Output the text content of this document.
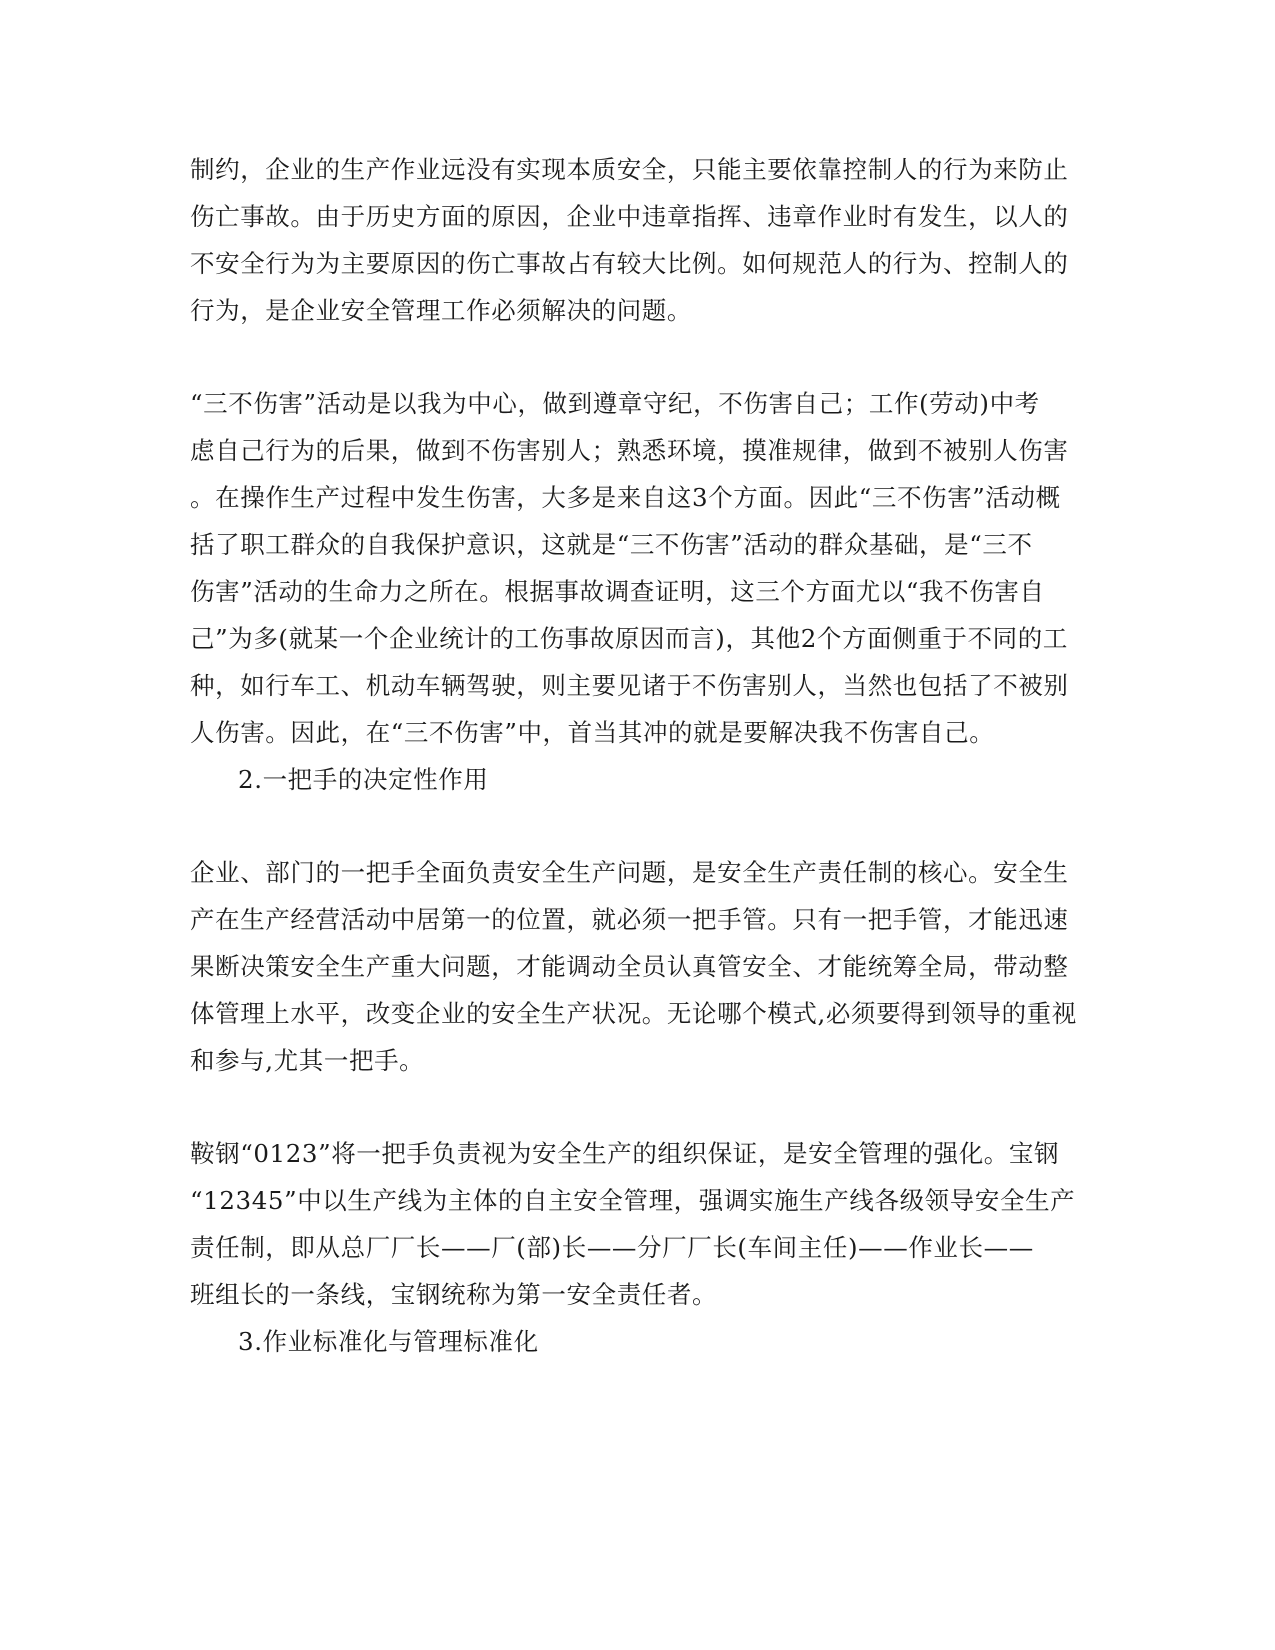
制约，企业的生产作业远没有实现本质安全，只能主要依靠控制人的行为来防止
伤亡事故。由于历史方面的原因，企业中违章指挥、违章作业时有发生，以人的
不安全行为为主要原因的伤亡事故占有较大比例。如何规范人的行为、控制人的
行为，是企业安全管理工作必须解决的问题。
“三不伤害”活动是以我为中心，做到遵章守纪，不伤害自己；工作(劳动)中考
虑自己行为的后果，做到不伤害别人；熟悉环境，摸准规律，做到不被别人伤害
。在操作生产过程中发生伤害，大多是来自这3个方面。因此“三不伤害”活动概
括了职工群众的自我保护意识，这就是“三不伤害”活动的群众基础，是“三不
伤害”活动的生命力之所在。根据事故调查证明，这三个方面尤以“我不伤害自
己”为多(就某一个企业统计的工伤事故原因而言)，其他2个方面侧重于不同的工
种，如行车工、机动车辆驾驶，则主要见诸于不伤害别人，当然也包括了不被别
人伤害。因此，在“三不伤害”中，首当其冲的就是要解决我不伤害自己。
2.一把手的决定性作用
企业、部门的一把手全面负责安全生产问题，是安全生产责任制的核心。安全生
产在生产经营活动中居第一的位置，就必须一把手管。只有一把手管，才能迅速
果断决策安全生产重大问题，才能调动全员认真管安全、才能统筹全局，带动整
体管理上水平，改变企业的安全生产状况。无论哪个模式,必须要得到领导的重视
和参与,尤其一把手。
鞍钢“0123”将一把手负责视为安全生产的组织保证，是安全管理的强化。宝钢
“12345”中以生产线为主体的自主安全管理，强调实施生产线各级领导安全生产
责任制，即从总厂厂长——厂(部)长——分厂厂长(车间主任)——作业长——
班组长的一条线，宝钢统称为第一安全责任者。
3.作业标准化与管理标准化
